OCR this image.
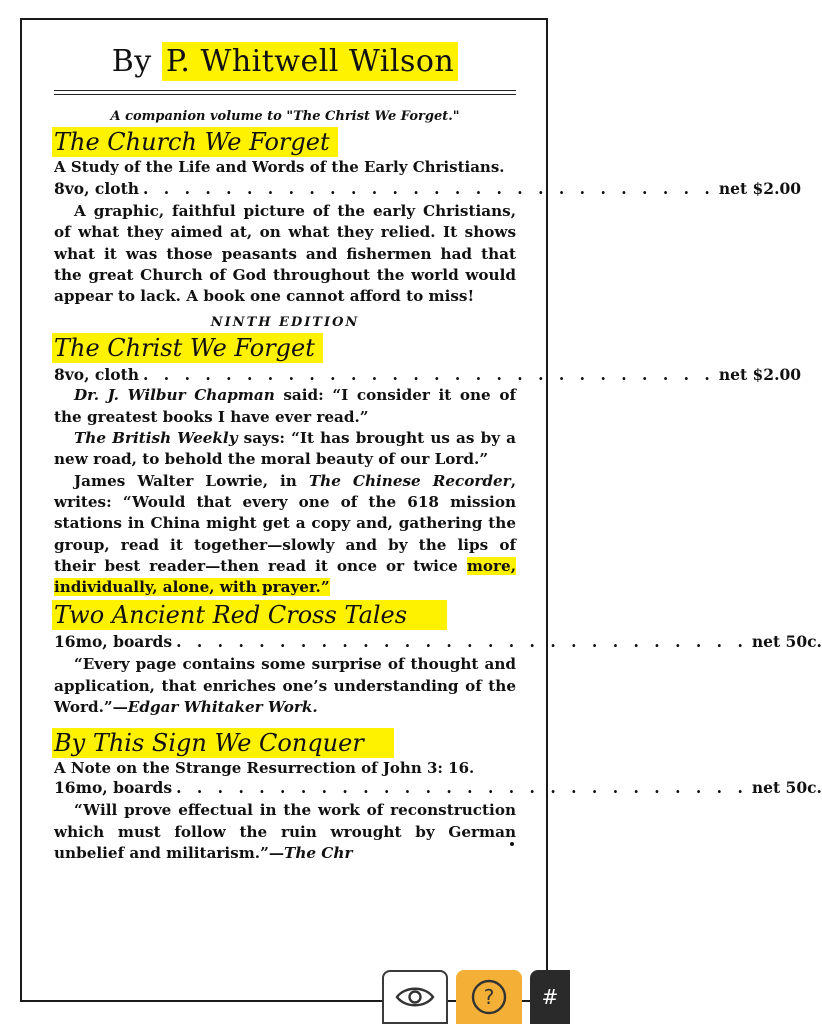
By P. Whitwell Wilson
A companion volume to "The Christ We Forget."
The Church We Forget
A Study of the Life and Words of the Early Christians.
8vo, cloth . . . . . . . . . . . . . . . . . . . . . . . . . . . . net $2.00

A graphic, faithful picture of the early Christians, of what they aimed at, on what they relied. It shows what it was those peasants and fishermen had that the great Church of God throughout the world would appear to lack. A book one cannot afford to miss!

NINTH EDITION
The Christ We Forget
8vo, cloth . . . . . . . . . . . . . . . . . . . . . . . . . . . . net $2.00

Dr. J. Wilbur Chapman said: “I consider it one of the greatest books I have ever read.”

The British Weekly says: “It has brought us as by a new road, to behold the moral beauty of our Lord.”

James Walter Lowrie, in The Chinese Recorder, writes: “Would that every one of the 618 mission stations in China might get a copy and, gathering the group, read it together—slowly and by the lips of their best reader—then read it once or twice more, individually, alone, with prayer.”

Two Ancient Red Cross Tales
16mo, boards . . . . . . . . . . . . . . . . . . . . . . . . . . . . net 50c.

“Every page contains some surprise of thought and application, that enriches one’s understanding of the Word.”—Edgar Whitaker Work.

By This Sign We Conquer
A Note on the Strange Resurrection of John 3: 16.
16mo, boards . . . . . . . . . . . . . . . . . . . . . . . . . . . . net 50c.

“Will prove effectual in the work of reconstruction which must follow the ruin wrought by German unbelief and militarism.”—The Chr

?	#
